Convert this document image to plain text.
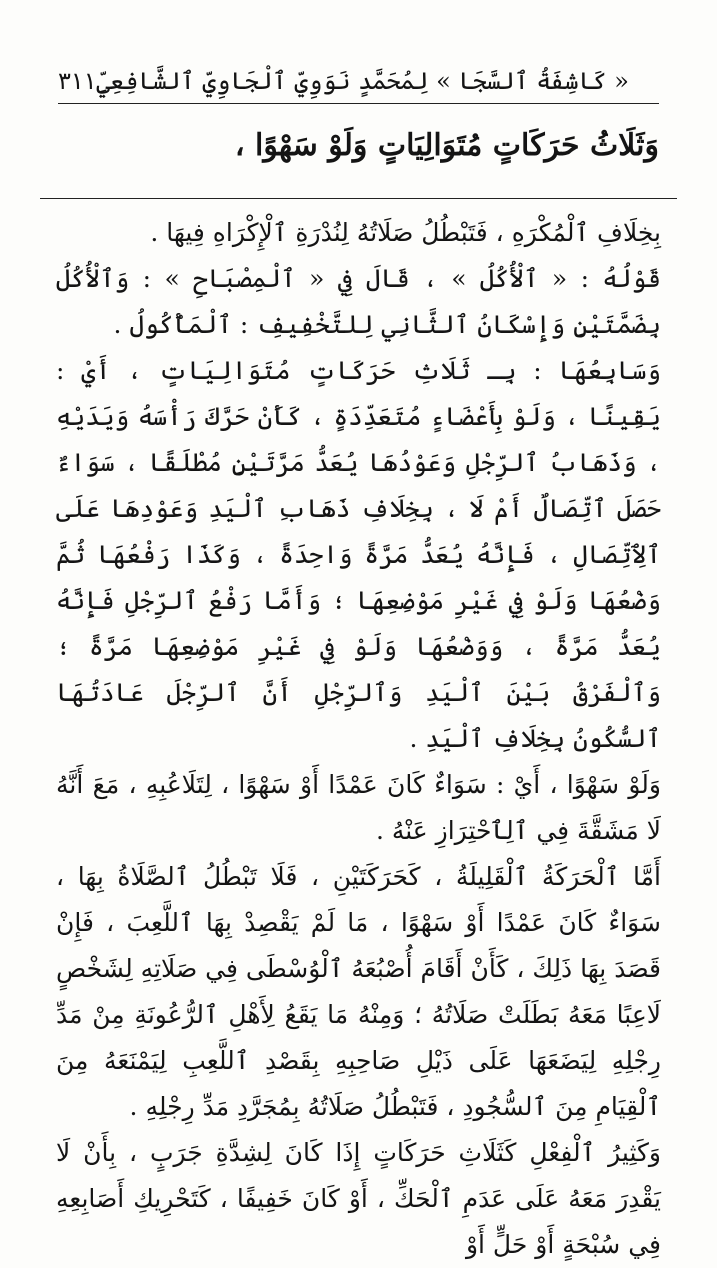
« كَاشِفَةُ ٱلسَّجَا » لِمُحَمَّدٍ نَوَوِيِّ ٱلْجَاوِيِّ ٱلشَّافِعِيِّ
٣١١
وَثَلَاثُ حَرَكَاتٍ مُتَوَالِيَاتٍ وَلَوْ سَهْوًا ،

بِخِلَافِ ٱلْمُكْرَهِ ، فَتَبْطُلُ صَلَاتُهُ لِنُدْرَةِ ٱلْإِكْرَاهِ فِيهَا .

قَوْلُهُ : « ٱلْأُكُلُ » ، قَالَ فِي « ٱلْمِصْبَاحِ » : وَٱلْأُكُلُ بِضَمَّتَيْنِ وَإِسْكَانُ ٱلثَّانِي لِلتَّخْفِيفِ : ٱلْمَأْكُولُ .

وَسَابِعُهَا : بِـ ثَلَاثِ حَرَكَاتٍ مُتَوَالِيَاتٍ ، أَيْ : يَقِينًا ، وَلَوْ بِأَعْضَاءٍ مُتَعَدِّدَةٍ ، كَأَنْ حَرَّكَ رَأْسَهُ وَيَدَيْهِ ، وَذَهَابُ ٱلرِّجْلِ وَعَوْدُهَا يُعَدُّ مَرَّتَيْنِ مُطْلَقًا ، سَوَاءٌ حَصَلَ ٱتِّصَالٌ أَمْ لَا ، بِخِلَافِ ذَهَابِ ٱلْيَدِ وَعَوْدِهَا عَلَى ٱلِٱتِّصَالِ ، فَإِنَّهُ يُعَدُّ مَرَّةً وَاحِدَةً ، وَكَذَا رَفْعُهَا ثُمَّ وَضْعُهَا وَلَوْ فِي غَيْرِ مَوْضِعِهَا ؛ وَأَمَّا رَفْعُ ٱلرِّجْلِ فَإِنَّهُ يُعَدُّ مَرَّةً ، وَوَضْعُهَا وَلَوْ فِي غَيْرِ مَوْضِعِهَا مَرَّةً ؛ وَٱلْفَرْقُ بَيْنَ ٱلْيَدِ وَٱلرِّجْلِ أَنَّ ٱلرِّجْلَ عَادَتُهَا ٱلسُّكُونُ بِخِلَافِ ٱلْيَدِ .

وَلَوْ سَهْوًا ، أَيْ : سَوَاءٌ كَانَ عَمْدًا أَوْ سَهْوًا ، لِتَلَاعُبِهِ ، مَعَ أَنَّهُ لَا مَشَقَّةَ فِي ٱلِٱحْتِرَازِ عَنْهُ .

أَمَّا ٱلْحَرَكَةُ ٱلْقَلِيلَةُ ، كَحَرَكَتَيْنِ ، فَلَا تَبْطُلُ ٱلصَّلَاةُ بِهَا ، سَوَاءٌ كَانَ عَمْدًا أَوْ سَهْوًا ، مَا لَمْ يَقْصِدْ بِهَا ٱللَّعِبَ ، فَإِنْ قَصَدَ بِهَا ذَلِكَ ، كَأَنْ أَقَامَ أُصْبُعَهُ ٱلْوُسْطَى فِي صَلَاتِهِ لِشَخْصٍ لَاعِبًا مَعَهُ بَطَلَتْ صَلَاتُهُ ؛ وَمِنْهُ مَا يَقَعُ لِأَهْلِ ٱلرُّعُونَةِ مِنْ مَدِّ رِجْلِهِ لِيَضَعَهَا عَلَى ذَيْلِ صَاحِبِهِ بِقَصْدِ ٱللَّعِبِ لِيَمْنَعَهُ مِنَ ٱلْقِيَامِ مِنَ ٱلسُّجُودِ ، فَتَبْطُلُ صَلَاتُهُ بِمُجَرَّدِ مَدِّ رِجْلِهِ .

وَكَثِيرُ ٱلْفِعْلِ كَثَلَاثِ حَرَكَاتٍ إِذَا كَانَ لِشِدَّةِ جَرَبٍ ، بِأَنْ لَا يَقْدِرَ مَعَهُ عَلَى عَدَمِ ٱلْحَكِّ ، أَوْ كَانَ خَفِيفًا ، كَتَحْرِيكِ أَصَابِعِهِ فِي سُبْحَةٍ أَوْ حَلٍّ أَوْ
